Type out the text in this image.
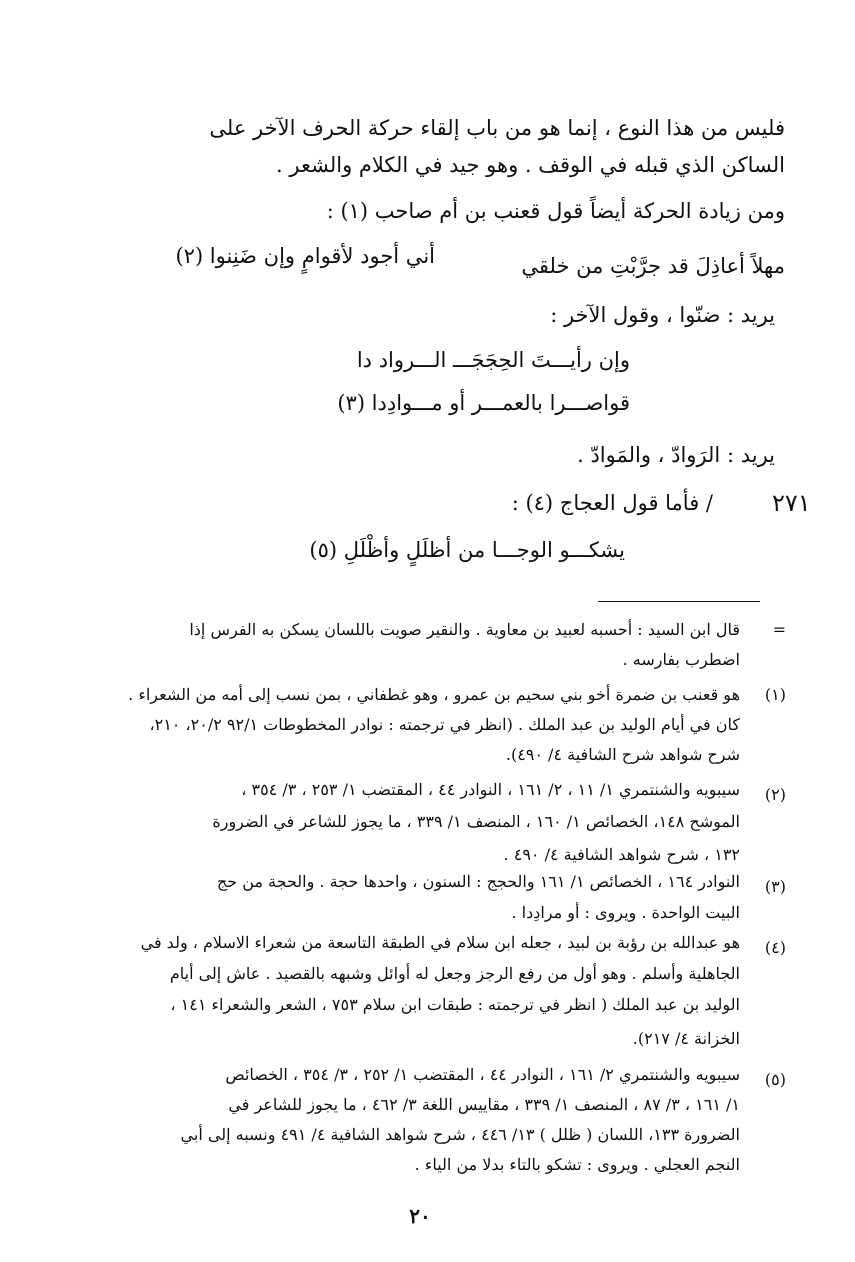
فليس من هذا النوع ، إنما هو من باب إلقاء حركة الحرف الآخر على
الساكن الذي قبله في الوقف . وهو جيد في الكلام والشعر .
ومن زيادة الحركة أيضاً قول قعنب بن أم صاحب (١) :
مهلاً أعاذِلَ قد جرَّبْتِ من خلقي
أني أجود لأقوامٍ وإن ضَنِنوا (٢)
يريد : ضنّوا ، وقول الآخر :
وإن رأيـــتَ الحِجَجَـــ الـــرواد دا
قواصـــرا بالعمـــر أو مـــوادِدا (٣)
يريد : الرَوادّ ، والمَوادّ .
٢٧١
/ فأما قول العجاج (٤) :
يشكـــو الوجـــا من أظلَلٍ وأظْلَلِ (٥)
=
قال ابن السيد : أحسبه لعبيد بن معاوية . والنقير صويت باللسان يسكن به الفرس إذا
اضطرب بفارسه .
(١)
هو قعنب بن ضمرة أخو بني سحيم بن عمرو ، وهو غطفاني ، بمن نسب إلى أمه من الشعراء .
كان في أيام الوليد بن عبد الملك . (انظر في ترجمته : نوادر المخطوطات ٩٢/١ ٢٠/٢، ٢١٠،
شرح شواهد شرح الشافية ٤/ ٤٩٠).
(٢)
سيبويه والشنتمري ١/ ١١ ، ٢/ ١٦١ ، النوادر ٤٤ ، المقتضب ١/ ٢٥٣ ، ٣/ ٣٥٤ ،
الموشح ١٤٨، الخصائص ١/ ١٦٠ ، المنصف ١/ ٣٣٩ ، ما يجوز للشاعر في الضرورة
١٣٢ ، شرح شواهد الشافية ٤/ ٤٩٠ .
(٣)
النوادر ١٦٤ ، الخصائص ١/ ١٦١ والحجج : السنون ، واحدها حجة . والحجة من حج
البيت الواحدة . ويروى : أو مرادِدا .
(٤)
هو عبدالله بن رؤبة بن لبيد ، جعله ابن سلام في الطبقة التاسعة من شعراء الاسلام ، ولد في
الجاهلية وأسلم . وهو أول من رفع الرجز وجعل له أوائل وشبهه بالقصيد . عاش إلى أيام
الوليد بن عبد الملك ( انظر في ترجمته : طبقات ابن سلام ٧٥٣ ، الشعر والشعراء ١٤١ ،
الخزانة ٤/ ٢١٧).
(٥)
سيبويه والشنتمري ٢/ ١٦١ ، النوادر ٤٤ ، المقتضب ١/ ٢٥٢ ، ٣/ ٣٥٤ ، الخصائص
١/ ١٦١ ، ٣/ ٨٧ ، المنصف ١/ ٣٣٩ ، مقاييس اللغة ٣/ ٤٦٢ ، ما يجوز للشاعر في
الضرورة ١٣٣، اللسان ( ظلل ) ١٣/ ٤٤٦ ، شرح شواهد الشافية ٤/ ٤٩١ ونسبه إلى أبي
النجم العجلي . ويروى : تشكو بالتاء بدلا من الياء .
٢٠
